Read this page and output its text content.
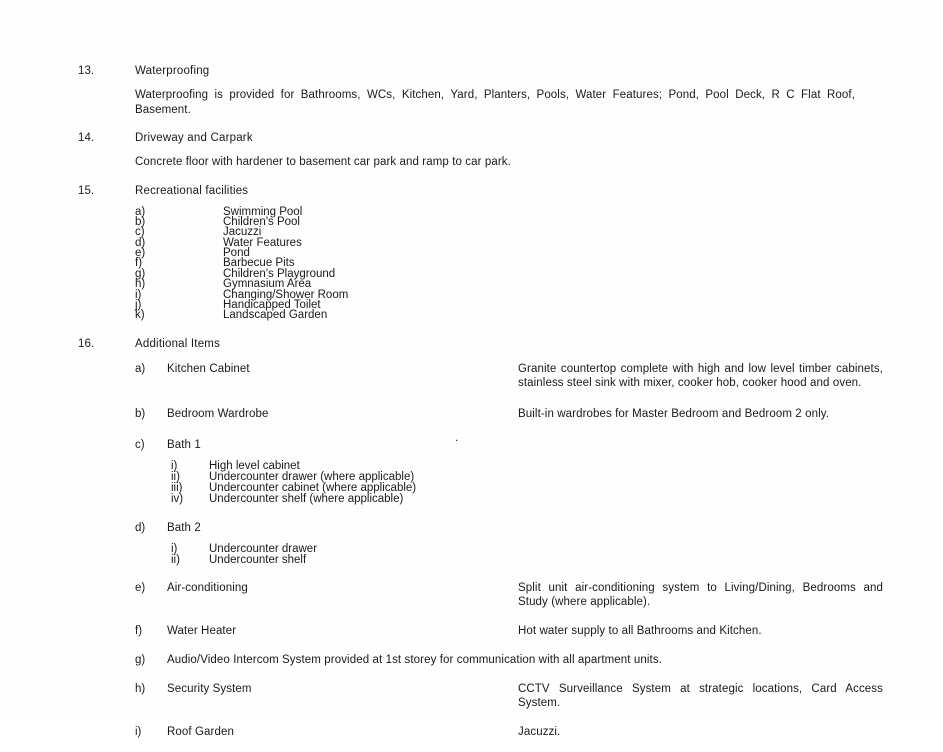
13.	Waterproofing
Waterproofing is provided for Bathrooms, WCs, Kitchen, Yard, Planters, Pools, Water Features; Pond, Pool Deck, R C Flat Roof, Basement.
14.	Driveway and Carpark
Concrete floor with hardener to basement car park and ramp to car park.
15.	Recreational facilities
a)	Swimming Pool
b)	Children's Pool
c)	Jacuzzi
d)	Water Features
e)	Pond
f)	Barbecue Pits
g)	Children's Playground
h)	Gymnasium Area
i)	Changing/Shower Room
j)	Handicapped Toilet
k)	Landscaped Garden
16.	Additional Items
a)	Kitchen Cabinet	Granite countertop complete with high and low level timber cabinets, stainless steel sink with mixer, cooker hob, cooker hood and oven.
b)	Bedroom Wardrobe	Built-in wardrobes for Master Bedroom and Bedroom 2 only.
c)	Bath 1
i)	High level cabinet
ii)	Undercounter drawer (where applicable)
iii)	Undercounter cabinet (where applicable)
iv)	Undercounter shelf (where applicable)
d)	Bath 2
i)	Undercounter drawer
ii)	Undercounter shelf
e)	Air-conditioning	Split unit air-conditioning system to Living/Dining, Bedrooms and Study (where applicable).
f)	Water Heater	Hot water supply to all Bathrooms and Kitchen.
g)	Audio/Video Intercom System provided at 1st storey for communication with all apartment units.
h)	Security System	CCTV Surveillance System at strategic locations, Card Access System.
i)	Roof Garden	Jacuzzi.
.
